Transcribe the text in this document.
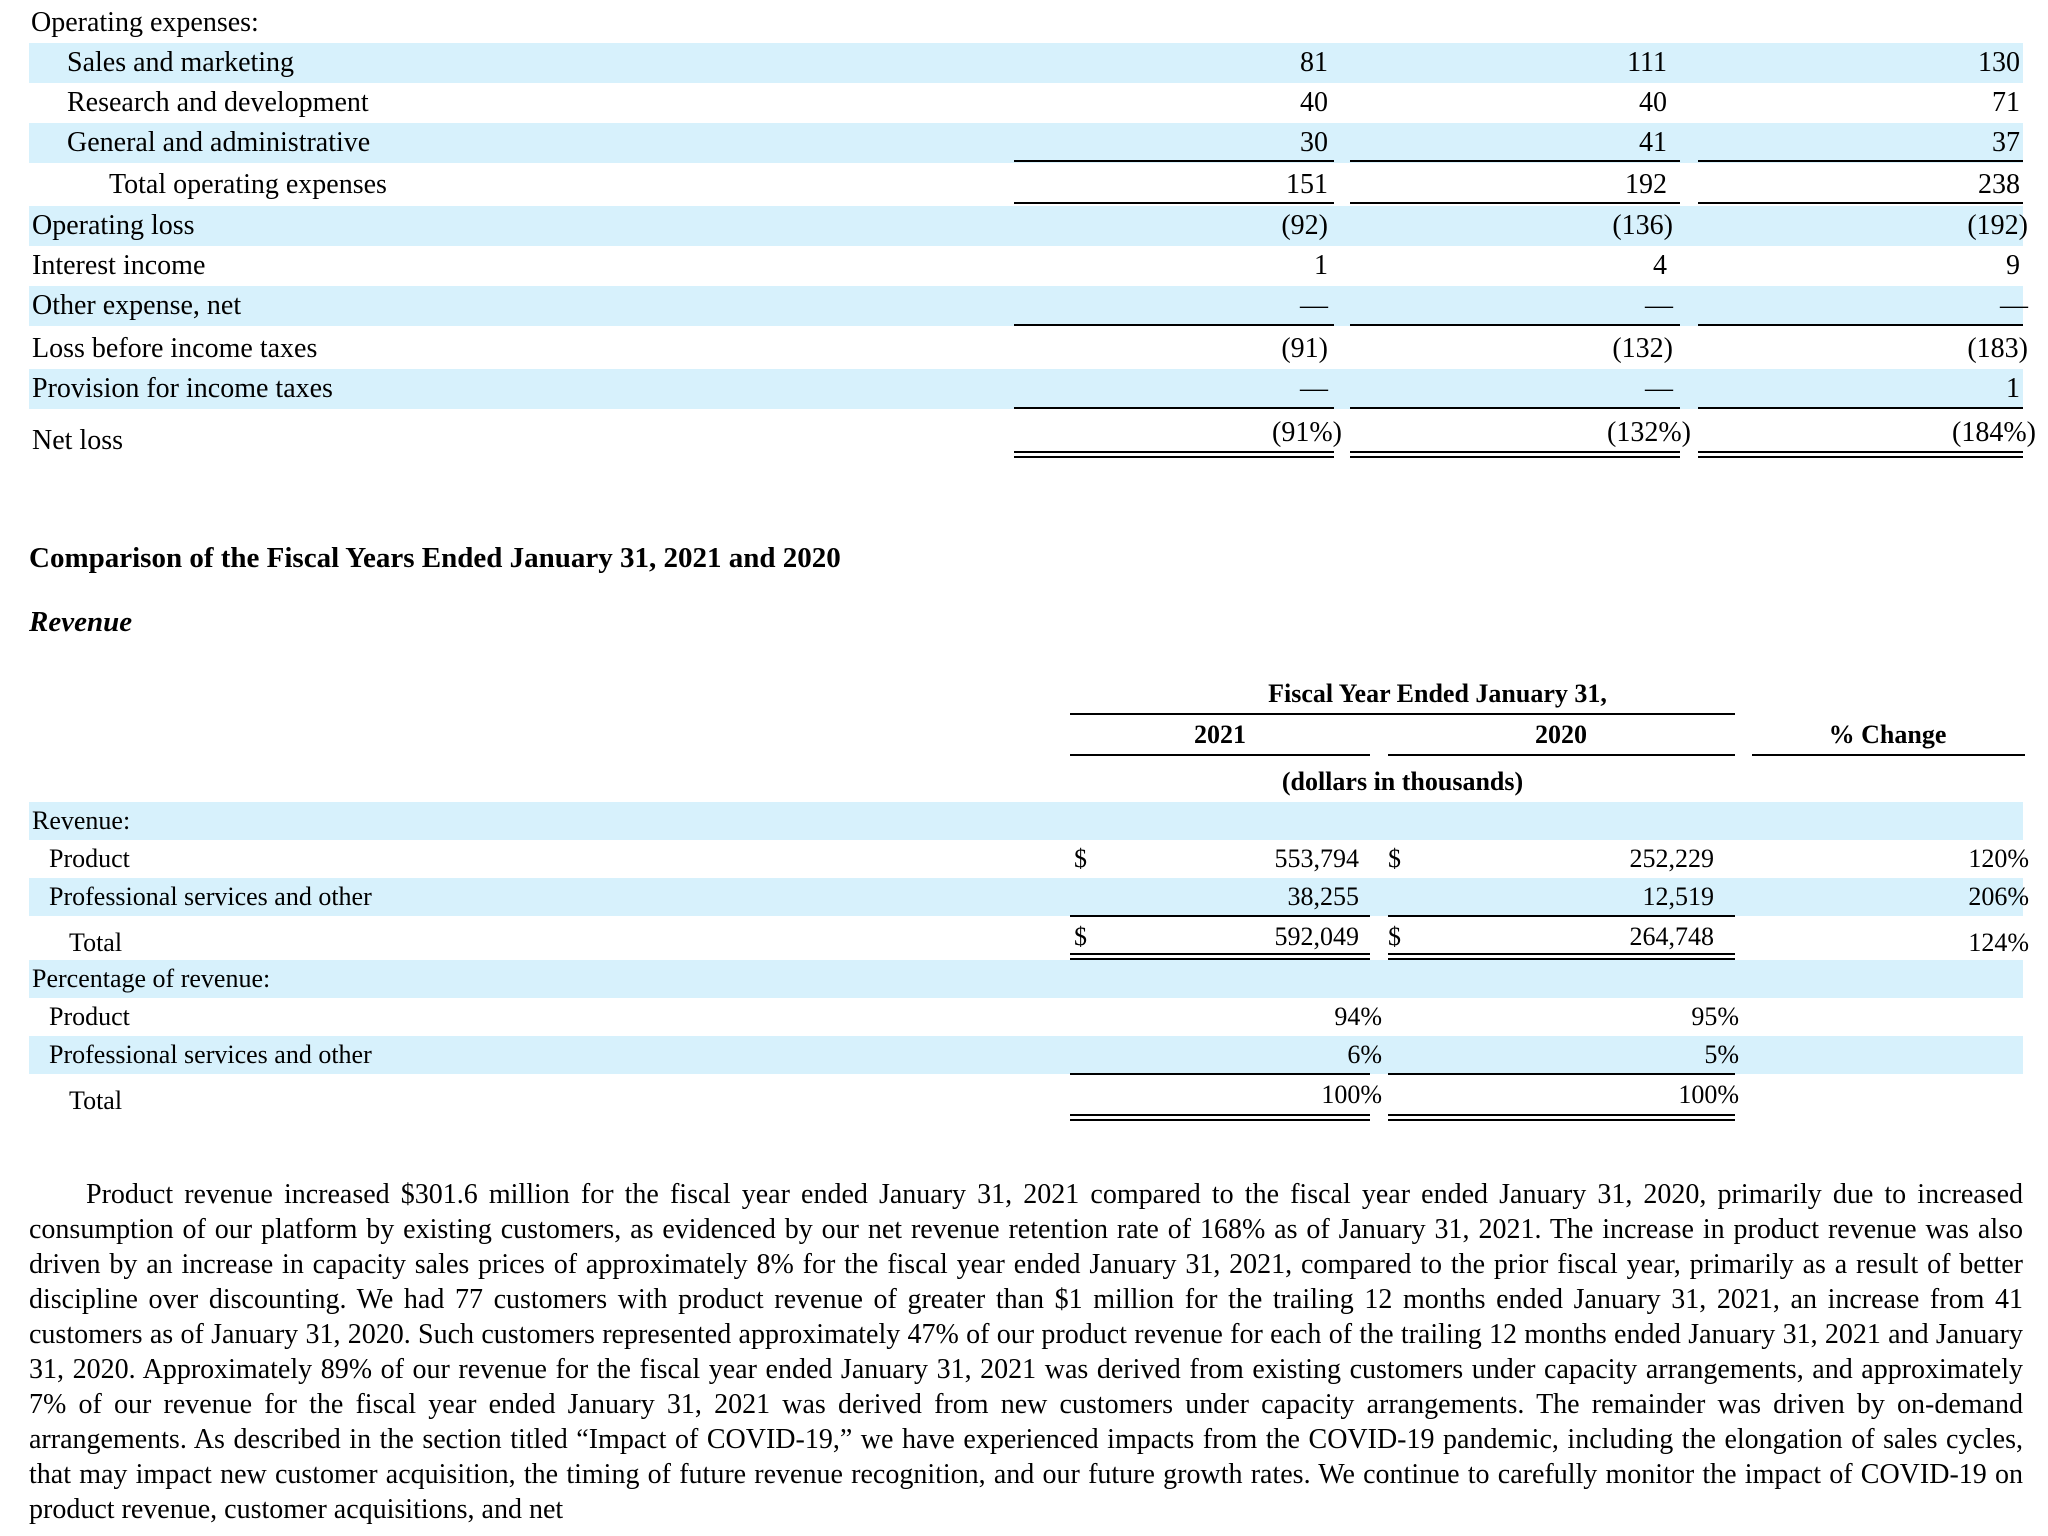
Operating expenses:
Sales and marketing	81	111	130
Research and development	40	40	71
General and administrative	30	41	37
Total operating expenses	151	192	238
Operating loss	(92)	(136)	(192)
Interest income	1	4	9
Other expense, net	—	—	—
Loss before income taxes	(91)	(132)	(183)
Provision for income taxes	—	—	1
Net loss	(91%)	(132%)	(184%)
Comparison of the Fiscal Years Ended January 31, 2021 and 2020
Revenue
Fiscal Year Ended January 31,
2021	2020	% Change
(dollars in thousands)
Revenue:
Product	$	553,794 $	252,229	120%
Professional services and other	38,255	12,519	206%
Total	$	592,049 $	264,748	124%
Percentage of revenue:
Product	94%	95%
Professional services and other	6%	5%
Total	100%	100%

Product revenue increased $301.6 million for the fiscal year ended January 31, 2021 compared to the fiscal year ended January 31, 2020, primarily due to increased consumption of our platform by existing customers, as evidenced by our net revenue retention rate of 168% as of January 31, 2021. The increase in product revenue was also driven by an increase in capacity sales prices of approximately 8% for the fiscal year ended January 31, 2021, compared to the prior fiscal year, primarily as a result of better discipline over discounting. We had 77 customers with product revenue of greater than $1 million for the trailing 12 months ended January 31, 2021, an increase from 41 customers as of January 31, 2020. Such customers represented approximately 47% of our product revenue for each of the trailing 12 months ended January 31, 2021 and January 31, 2020. Approximately 89% of our revenue for the fiscal year ended January 31, 2021 was derived from existing customers under capacity arrangements, and approximately 7% of our revenue for the fiscal year ended January 31, 2021 was derived from new customers under capacity arrangements. The remainder was driven by on-demand arrangements. As described in the section titled “Impact of COVID-19,” we have experienced impacts from the COVID-19 pandemic, including the elongation of sales cycles, that may impact new customer acquisition, the timing of future revenue recognition, and our future growth rates. We continue to carefully monitor the impact of COVID-19 on product revenue, customer acquisitions, and net
